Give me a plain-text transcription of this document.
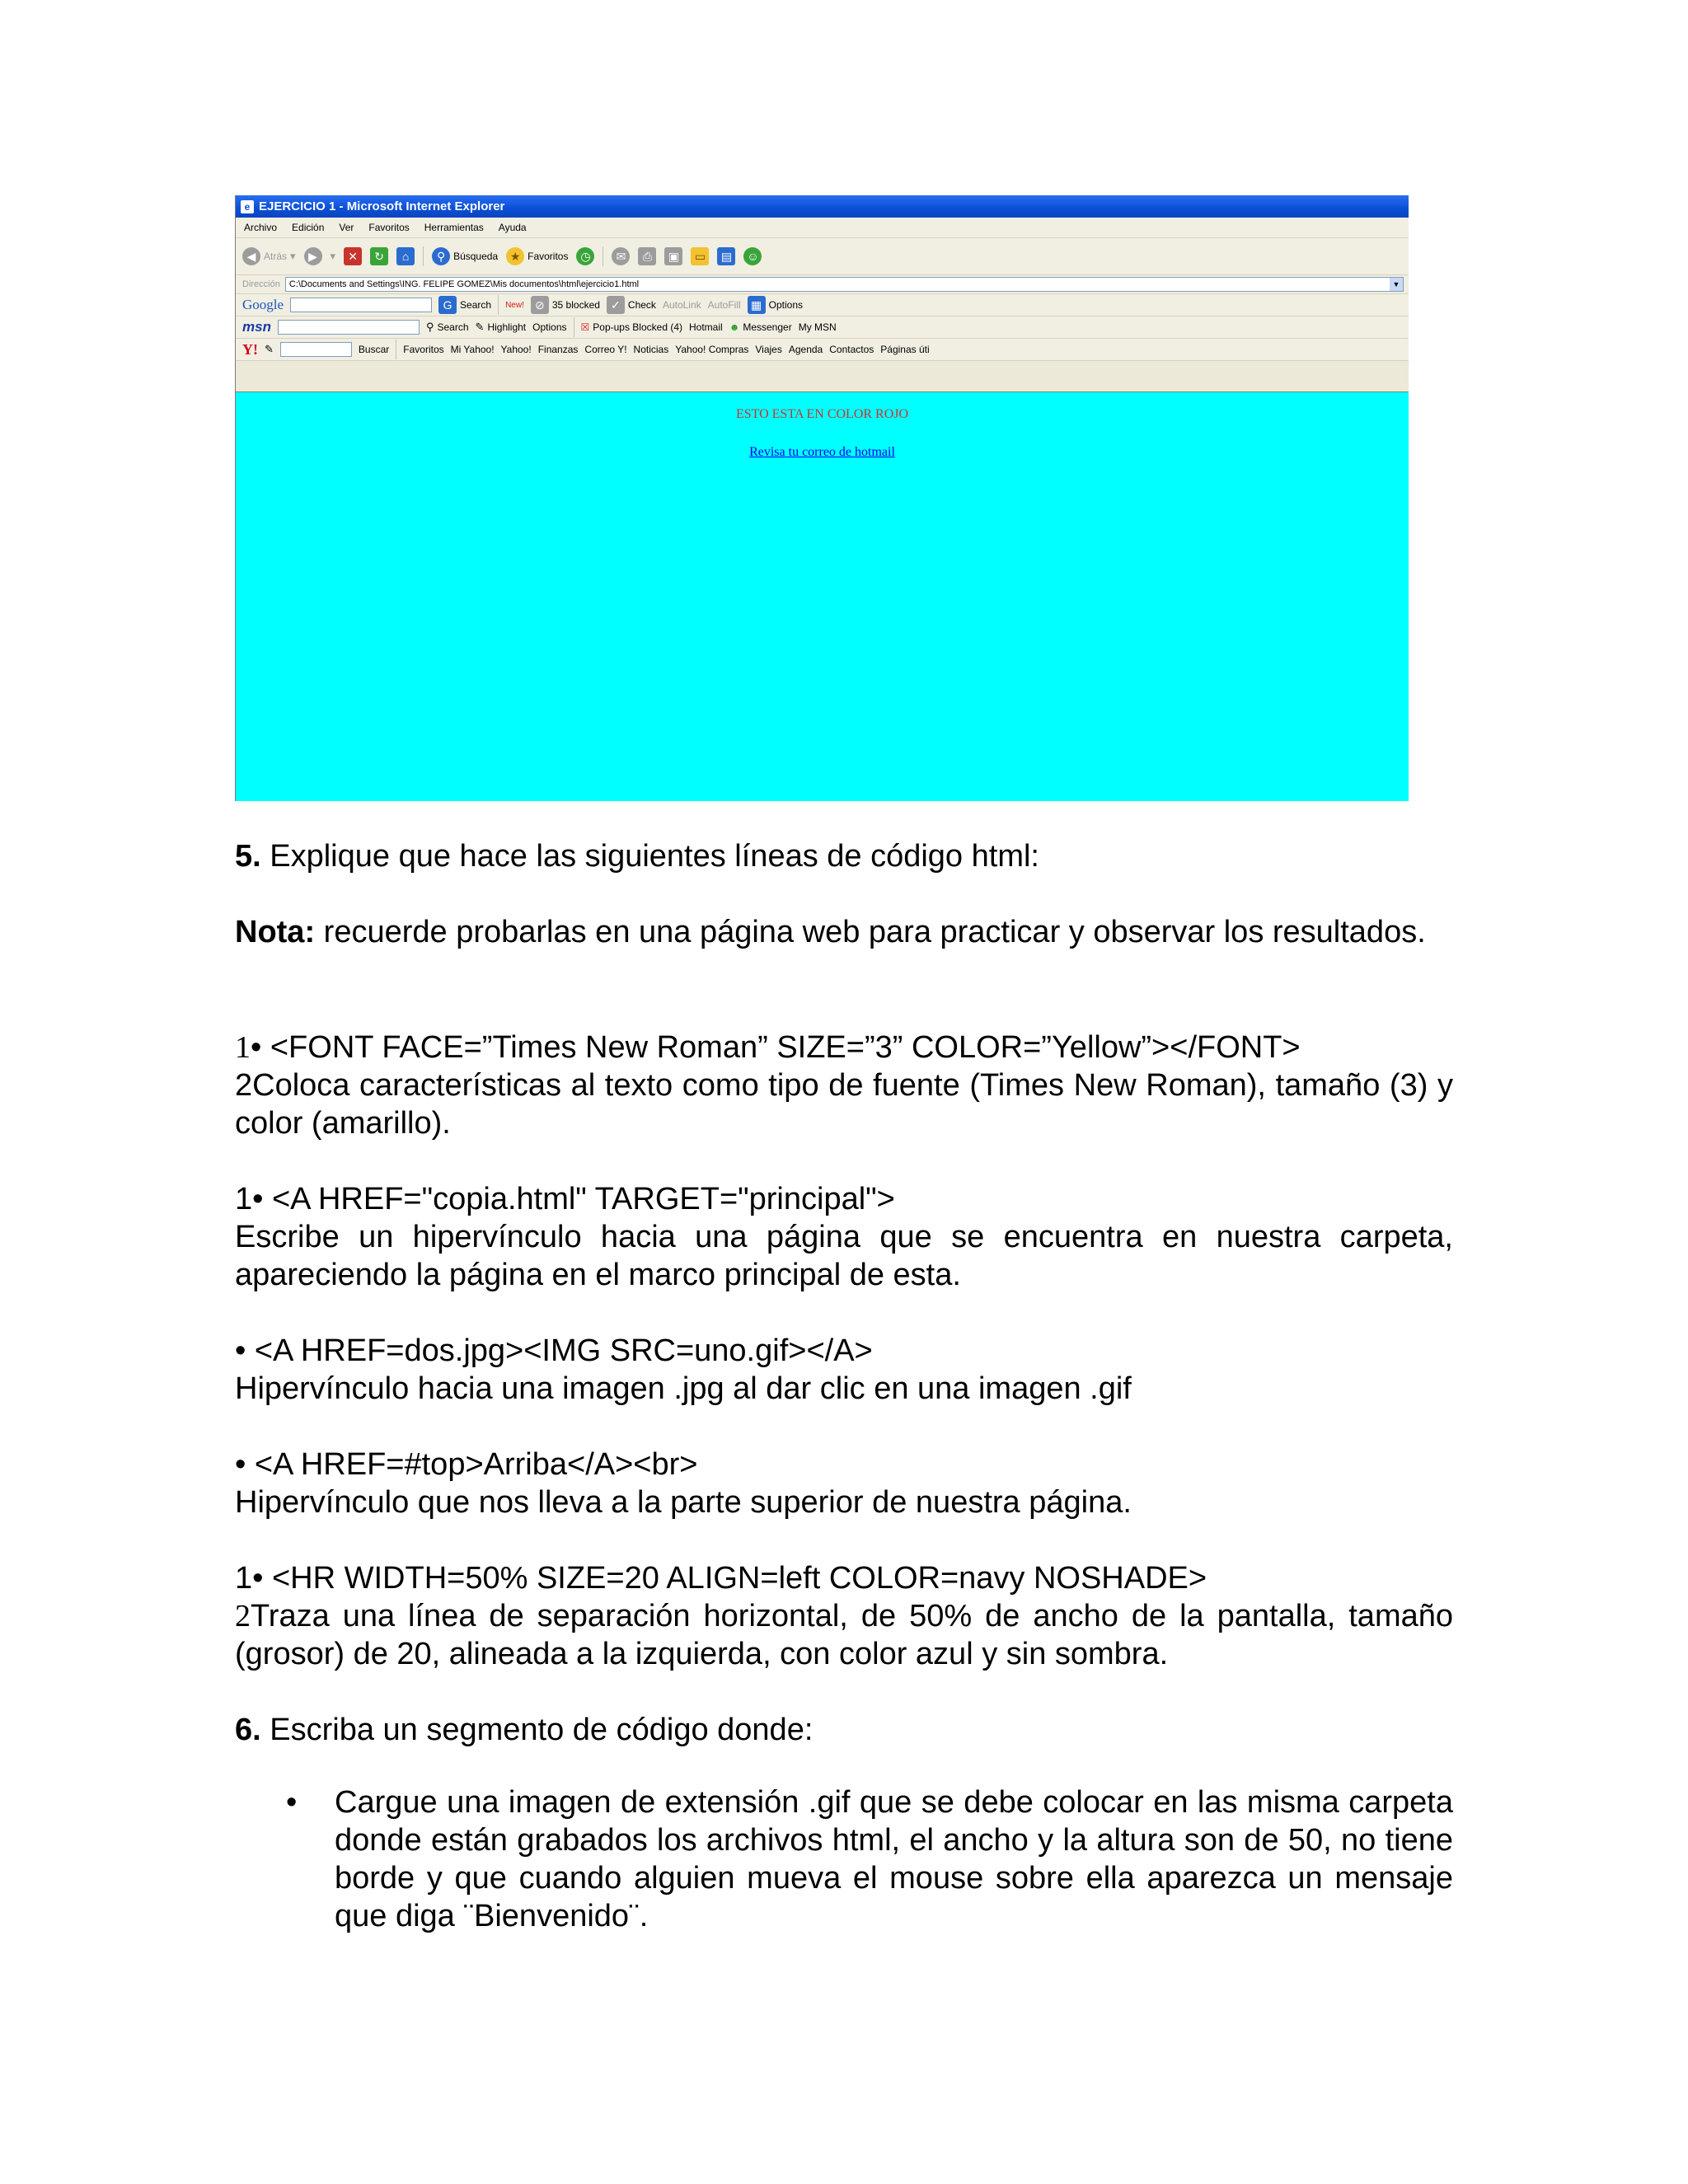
e EJERCICIO 1 - Microsoft Internet Explorer
Archivo Edición Ver Favoritos Herramientas Ayuda
◀ Atrás ▾	▶	▾	✕	↻	⌂	⚲ Búsqueda	★ Favoritos	◷	✉	⎙	▣	▭	▤	☺
Dirección C:\Documents and Settings\ING. FELIPE GOMEZ\Mis documentos\html\ejercicio1.html	▼
Google	G Search New! ⊘ 35 blocked ✓ Check AutoLink AutoFill ▦ Options
msn	⚲ Search ✎ Highlight Options ☒ Pop-ups Blocked (4) Hotmail ☻ Messenger My MSN
Y! ✎	Buscar Favoritos Mi Yahoo! Yahoo! Finanzas Correo Y! Noticias Yahoo! Compras Viajes Agenda Contactos Páginas úti
ESTO ESTA EN COLOR ROJO
Revisa tu correo de hotmail
5. Explique que hace las siguientes líneas de código html:
Nota: recuerde probarlas en una página web para practicar y observar los resultados.
1• <FONT FACE=”Times New Roman” SIZE=”3” COLOR=”Yellow”></FONT>
2Coloca características al texto como tipo de fuente (Times New Roman), tamaño (3) y color (amarillo).
1• <A HREF="copia.html" TARGET="principal">
Escribe un hipervínculo hacia una página que se encuentra en nuestra carpeta, apareciendo la página en el marco principal de esta.
• <A HREF=dos.jpg><IMG SRC=uno.gif></A>
Hipervínculo hacia una imagen .jpg al dar clic en una imagen .gif
• <A HREF=#top>Arriba</A><br>
Hipervínculo que nos lleva a la parte superior de nuestra página.
1• <HR WIDTH=50% SIZE=20 ALIGN=left COLOR=navy NOSHADE>
2Traza una línea de separación horizontal, de 50% de ancho de la pantalla, tamaño (grosor) de 20, alineada a la izquierda, con color azul y sin sombra.
6. Escriba un segmento de código donde:
• Cargue una imagen de extensión .gif que se debe colocar en las misma carpeta donde están grabados los archivos html, el ancho y la altura son de 50, no tiene borde y que cuando alguien mueva el mouse sobre ella aparezca un mensaje que diga ¨Bienvenido¨.
